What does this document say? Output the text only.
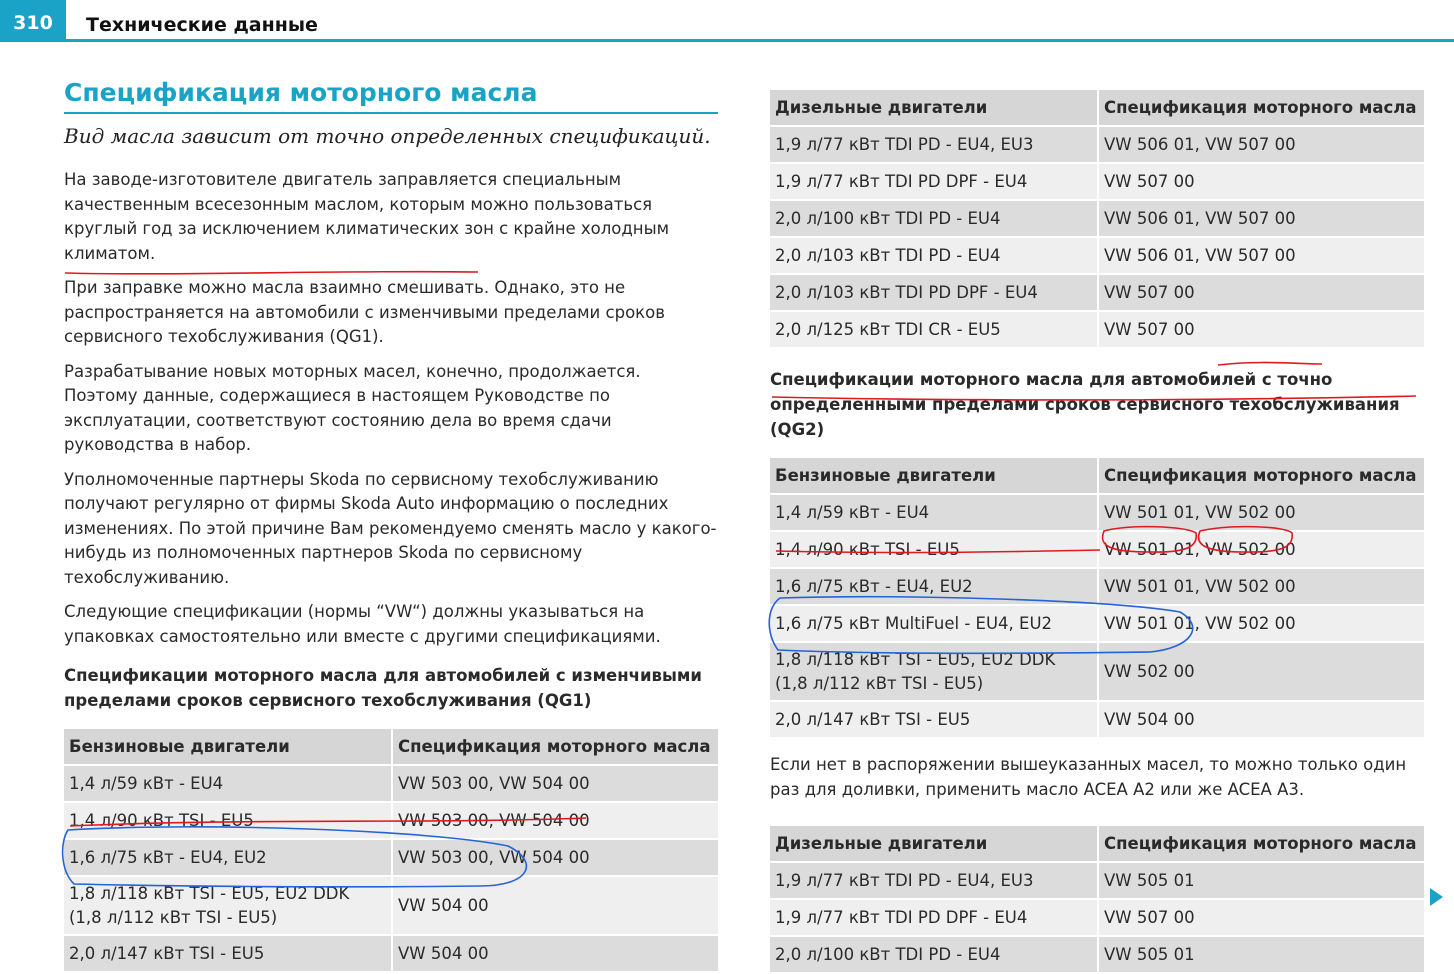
310	Технические данные
Спецификация моторного масла
Вид масла зависит от точно определенных спецификаций.

На заводе-изготовителе двигатель заправляется специальным качественным всесезонным маслом, которым можно пользоваться круглый год за исключением климатических зон с крайне холодным климатом.

При заправке можно масла взаимно смешивать. Однако, это не распространяется на автомобили с изменчивыми пределами сроков сервисного техобслуживания (QG1).

Разрабатывание новых моторных масел, конечно, продолжается. Поэтому данные, содержащиеся в настоящем Руководстве по эксплуатации, соответствуют состоянию дела во время сдачи руководства в набор.

Уполномоченные партнеры Skoda по сервисному техобслуживанию получают регулярно от фирмы Skoda Auto информацию о последних изменениях. По этой причине Вам рекомендуемо сменять масло у какого-нибудь из полномоченных партнеров Skoda по сервисному техобслуживанию.

Следующие спецификации (нормы “VW“) должны указываться на упаковках самостоятельно или вместе с другими спецификациями.

Спецификации моторного масла для автомобилей с изменчивыми пределами сроков сервисного техобслуживания (QG1)
Бензиновые двигатели	Спецификация моторного масла
1,4 л/59 кВт - EU4	VW 503 00, VW 504 00
1,4 л/90 кВт TSI - EU5	VW 503 00, VW 504 00
1,6 л/75 кВт - EU4, EU2	VW 503 00, VW 504 00

1,8 л/118 кВт TSI - EU5, EU2 DDK
(1,8 л/112 кВт TSI - EU5)	VW 504 00
2,0 л/147 кВт TSI - EU5	VW 504 00
Дизельные двигатели	Спецификация моторного масла
1,9 л/77 кВт TDI PD - EU4, EU3	VW 506 01, VW 507 00
1,9 л/77 кВт TDI PD DPF - EU4	VW 507 00
2,0 л/100 кВт TDI PD - EU4	VW 506 01, VW 507 00
2,0 л/103 кВт TDI PD - EU4	VW 506 01, VW 507 00
2,0 л/103 кВт TDI PD DPF - EU4	VW 507 00
2,0 л/125 кВт TDI CR - EU5	VW 507 00
Спецификации моторного масла для автомобилей с точно определенными пределами сроков сервисного техобслуживания (QG2)
Бензиновые двигатели	Спецификация моторного масла
1,4 л/59 кВт - EU4	VW 501 01, VW 502 00
1,4 л/90 кВт TSI - EU5	VW 501 01, VW 502 00
1,6 л/75 кВт - EU4, EU2	VW 501 01, VW 502 00
1,6 л/75 кВт MultiFuel - EU4, EU2	VW 501 01, VW 502 00

1,8 л/118 кВт TSI - EU5, EU2 DDK
(1,8 л/112 кВт TSI - EU5)	VW 502 00
2,0 л/147 кВт TSI - EU5	VW 504 00

Если нет в распоряжении вышеуказанных масел, то можно только один раз для доливки, применить масло ACEA A2 или же ACEA A3.

Дизельные двигатели	Спецификация моторного масла
1,9 л/77 кВт TDI PD - EU4, EU3	VW 505 01
1,9 л/77 кВт TDI PD DPF - EU4	VW 507 00
2,0 л/100 кВт TDI PD - EU4	VW 505 01
